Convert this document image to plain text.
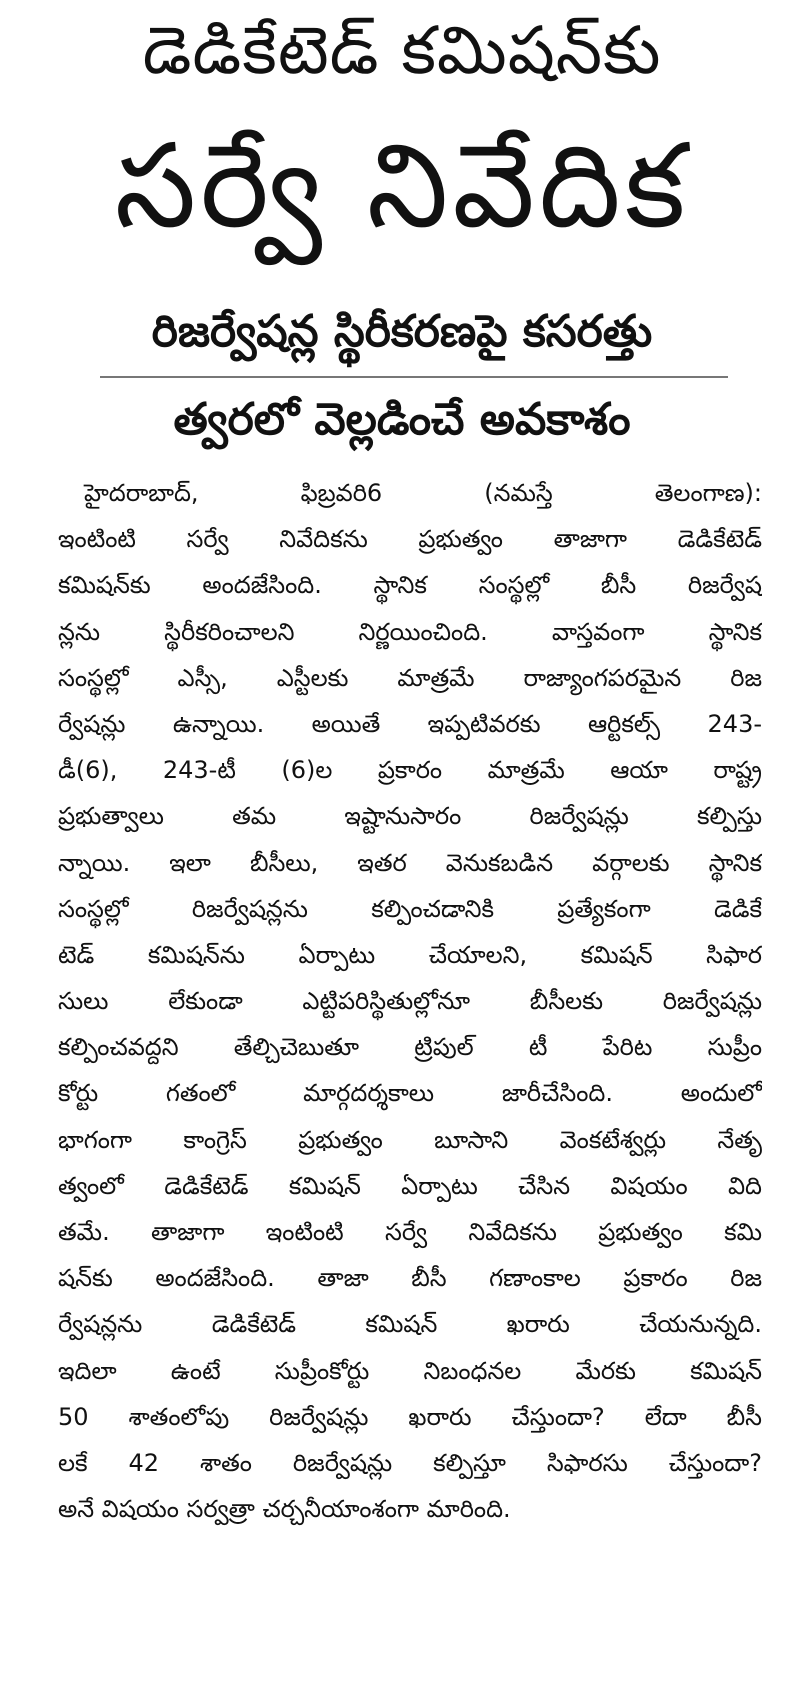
డెడికేటెడ్ కమిషన్‌కు
సర్వే నివేదిక
రిజర్వేషన్ల స్థిరీకరణపై కసరత్తు
త్వరలో వెల్లడించే అవకాశం
హైదరాబాద్, ఫిబ్రవరి6 (నమస్తే తెలంగాణ):
ఇంటింటి సర్వే నివేదికను ప్రభుత్వం తాజాగా డెడికేటెడ్
కమిషన్‌కు అందజేసింది. స్థానిక సంస్థల్లో బీసీ రిజర్వేష
న్లను స్థిరీకరించాలని నిర్ణయించింది. వాస్తవంగా స్థానిక
సంస్థల్లో ఎస్సీ, ఎస్టీలకు మాత్రమే రాజ్యాంగపరమైన రిజ
ర్వేషన్లు ఉన్నాయి. అయితే ఇప్పటివరకు ఆర్టికల్స్ 243-
డీ(6), 243-టీ (6)ల ప్రకారం మాత్రమే ఆయా రాష్ట్ర
ప్రభుత్వాలు తమ ఇష్టానుసారం రిజర్వేషన్లు కల్పిస్తు
న్నాయి. ఇలా బీసీలు, ఇతర వెనుకబడిన వర్గాలకు స్థానిక
సంస్థల్లో రిజర్వేషన్లను కల్పించడానికి ప్రత్యేకంగా డెడికే
టెడ్ కమిషన్‌ను ఏర్పాటు చేయాలని, కమిషన్ సిఫార
సులు లేకుండా ఎట్టిపరిస్థితుల్లోనూ బీసీలకు రిజర్వేషన్లు
కల్పించవద్దని తేల్చిచెబుతూ ట్రిపుల్ టీ పేరిట సుప్రీం
కోర్టు గతంలో మార్గదర్శకాలు జారీచేసింది. అందులో
భాగంగా కాంగ్రెస్ ప్రభుత్వం బూసాని వెంకటేశ్వర్లు నేతృ
త్వంలో డెడికేటెడ్ కమిషన్ ఏర్పాటు చేసిన విషయం విది
తమే. తాజాగా ఇంటింటి సర్వే నివేదికను ప్రభుత్వం కమి
షన్‌కు అందజేసింది. తాజా బీసీ గణాంకాల ప్రకారం రిజ
ర్వేషన్లను డెడికేటెడ్ కమిషన్ ఖరారు చేయనున్నది.
ఇదిలా ఉంటే సుప్రీంకోర్టు నిబంధనల మేరకు కమిషన్
50 శాతంలోపు రిజర్వేషన్లు ఖరారు చేస్తుందా? లేదా బీసీ
లకే 42 శాతం రిజర్వేషన్లు కల్పిస్తూ సిఫారసు చేస్తుందా?
అనే విషయం సర్వత్రా చర్చనీయాంశంగా మారింది.
